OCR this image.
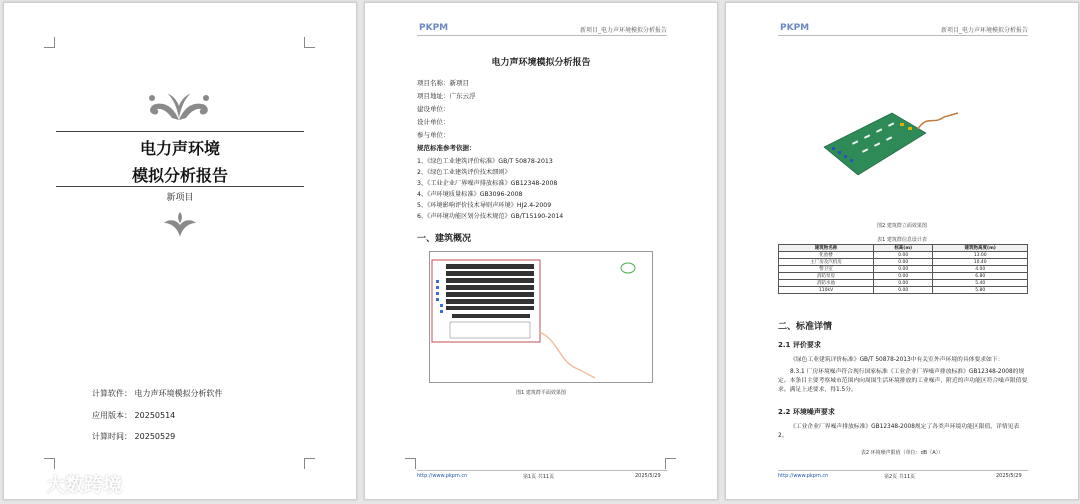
电力声环境
模拟分析报告
新项目
计算软件： 电力声环境模拟分析软件
应用版本： 20250514
计算时间： 20250529
PKPM	新项目_电力声环境模拟分析报告
电力声环境模拟分析报告
项目名称：新项目
项目地址：广东云浮
建设单位：
设计单位：
参与单位：
规范标准参考依据：
1、《绿色工业建筑评价标准》GB/T 50878-2013
2、《绿色工业建筑评价技术细则》
3、《工业企业厂界噪声排放标准》GB12348-2008
4、《声环境质量标准》GB3096-2008
5、《环境影响评价技术导则声环境》HJ2.4-2009
6、《声环境功能区划分技术规范》GB/T15190-2014
一、建筑概况
图1 建筑群平面效果图
http://www.pkpm.cn	第1页 共11页	2025/5/29
PKPM	新项目_电力声环境模拟分析报告
图2 建筑群立面效果图
表1 建筑群信息设计表
建筑物名称	标高(m)	建筑物高度(m)
化验楼	0.00	13.00
主厂房及汽机房	0.00	10.40
警卫室	0.00	4.00
消防泵房	0.00	6.80
消防水池	0.00	5.40
110kV	0.00	5.80
二、标准详情
2.1 评价要求
《绿色工业建筑评价标准》GB/T 50878-2013中有关室外声环境的具体要求如下：
8.3.1 厂房环境噪声符合现行国家标准《工业企业厂界噪声排放标准》GB12348-2008的规定。本条目主要考察城市范围内向周围生活环境排放的工业噪声，附近的声功能区符合噪声限值要求。满足上述要求，得1.5分。
2.2 环境噪声要求
《工业企业厂界噪声排放标准》GB12348-2008规定了各类声环境功能区限值，详情见表2。
表2 环境噪声限值（单位：dB（A））
http://www.pkpm.cn	第2页 共11页	2025/5/29
大数跨境
